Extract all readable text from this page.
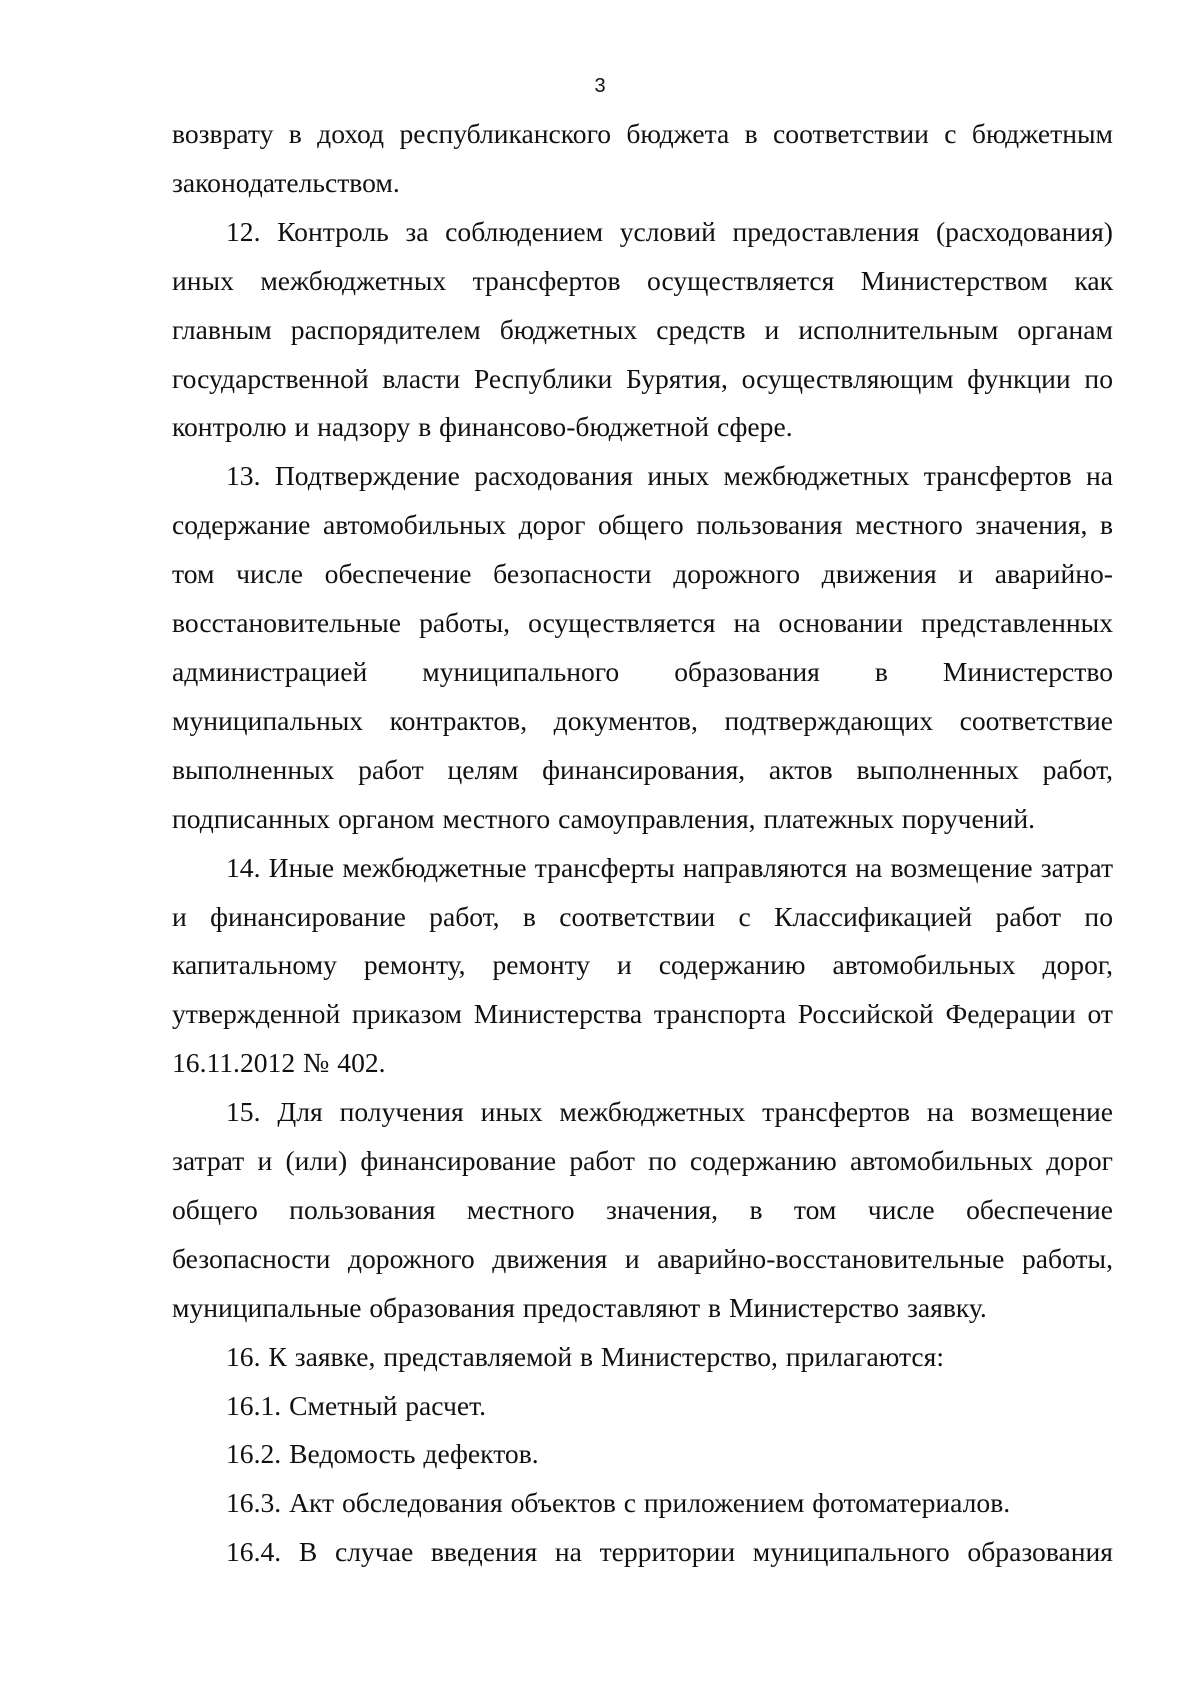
3

возврату в доход республиканского бюджета в соответствии с бюджетным законодательством.

12. Контроль за соблюдением условий предоставления (расходования) иных межбюджетных трансфертов осуществляется Министерством как главным распорядителем бюджетных средств и исполнительным органам государственной власти Республики Бурятия, осуществляющим функции по контролю и надзору в финансово-бюджетной сфере.

13. Подтверждение расходования иных межбюджетных трансфертов на содержание автомобильных дорог общего пользования местного значения, в том числе обеспечение безопасности дорожного движения и аварийно-восстановительные работы, осуществляется на основании представленных администрацией муниципального образования в Министерство муниципальных контрактов, документов, подтверждающих соответствие выполненных работ целям финансирования, актов выполненных работ, подписанных органом местного самоуправления, платежных поручений.

14. Иные межбюджетные трансферты направляются на возмещение затрат и финансирование работ, в соответствии с Классификацией работ по капитальному ремонту, ремонту и содержанию автомобильных дорог, утвержденной приказом Министерства транспорта Российской Федерации от 16.11.2012 № 402.

15. Для получения иных межбюджетных трансфертов на возмещение затрат и (или) финансирование работ по содержанию автомобильных дорог общего пользования местного значения, в том числе обеспечение безопасности дорожного движения и аварийно-восстановительные работы, муниципальные образования предоставляют в Министерство заявку.

16. К заявке, представляемой в Министерство, прилагаются:

16.1. Сметный расчет.

16.2. Ведомость дефектов.

16.3. Акт обследования объектов с приложением фотоматериалов.

16.4. В случае введения на территории муниципального образования
